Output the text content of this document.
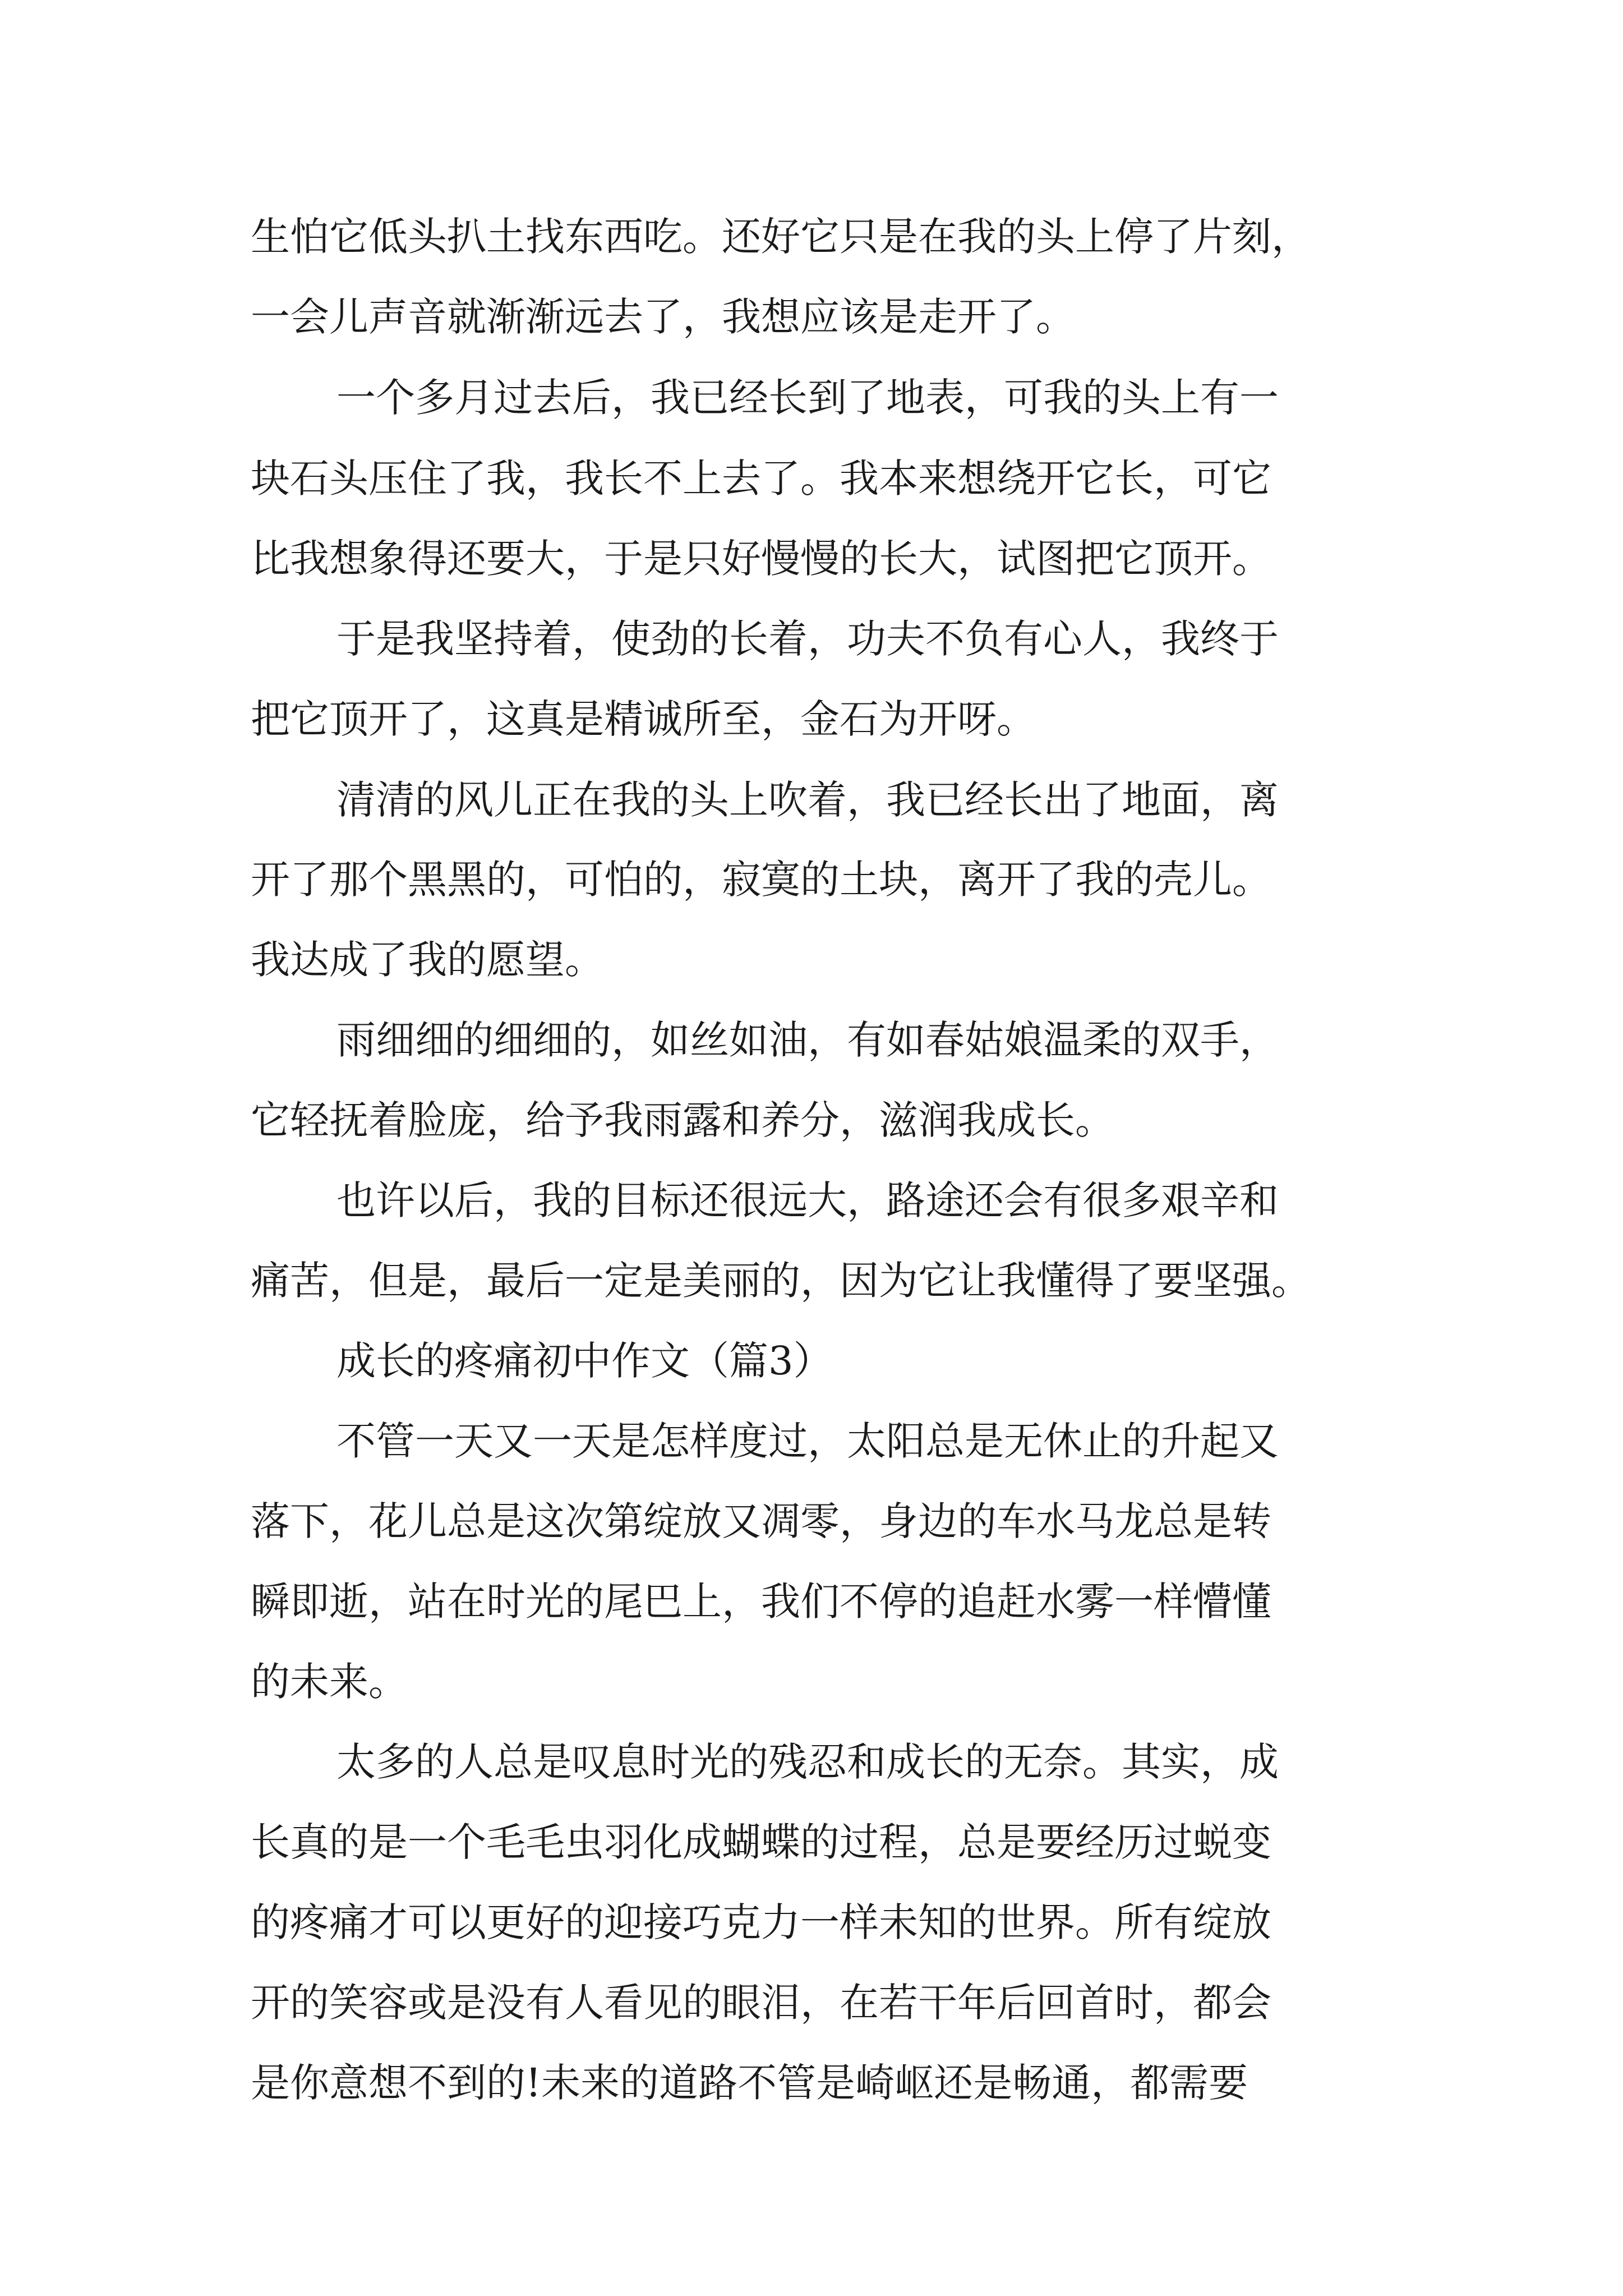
生怕它低头扒土找东西吃。还好它只是在我的头上停了片刻，
一会儿声音就渐渐远去了，我想应该是走开了。
一个多月过去后，我已经长到了地表，可我的头上有一
块石头压住了我，我长不上去了。我本来想绕开它长，可它
比我想象得还要大，于是只好慢慢的长大，试图把它顶开。
于是我坚持着，使劲的长着，功夫不负有心人，我终于
把它顶开了，这真是精诚所至，金石为开呀。
清清的风儿正在我的头上吹着，我已经长出了地面，离
开了那个黑黑的，可怕的，寂寞的土块，离开了我的壳儿。
我达成了我的愿望。
雨细细的细细的，如丝如油，有如春姑娘温柔的双手，
它轻抚着脸庞，给予我雨露和养分，滋润我成长。
也许以后，我的目标还很远大，路途还会有很多艰辛和
痛苦，但是，最后一定是美丽的，因为它让我懂得了要坚强。
成长的疼痛初中作文（篇3）
不管一天又一天是怎样度过，太阳总是无休止的升起又
落下，花儿总是这次第绽放又凋零，身边的车水马龙总是转
瞬即逝，站在时光的尾巴上，我们不停的追赶水雾一样懵懂
的未来。
太多的人总是叹息时光的残忍和成长的无奈。其实，成
长真的是一个毛毛虫羽化成蝴蝶的过程，总是要经历过蜕变
的疼痛才可以更好的迎接巧克力一样未知的世界。所有绽放
开的笑容或是没有人看见的眼泪，在若干年后回首时，都会
是你意想不到的!未来的道路不管是崎岖还是畅通，都需要
